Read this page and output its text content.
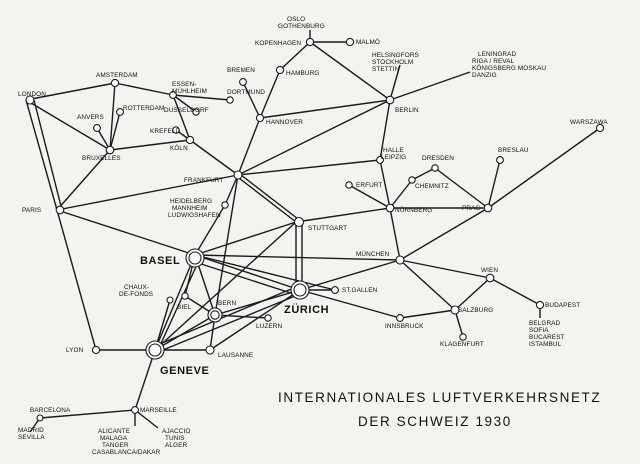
OSLO
GOTHENBURG
MALMÖ
KOPENHAGEN
HELSINGFORS
STOCKHOLM
STETTIN
LENINGRAD
RIGA / REVAL
KÖNIGSBERG MOSKAU
DANZIG
AMSTERDAM
BREMEN	HAMBURG
LONDON
ESSEN-
MÜHLHEIM
ANVERS
ROTTERDAM DUSSELDORF
DORTMUND
HANNOVER
BERLIN
KREFELD
KÖLN
BRUXELLES
HALLE
LEIPZIG
WARSZAWA
BRESLAU
DRESDEN
FRANKFURT
ERFURT	CHEMNITZ
PARIS
HEIDELBERG
MANNHEIM
LUDWIGSHAFEN
NÜRNBERG	PRAG
STUTTGART
BASEL
MÜNCHEN
WIEN
CHAUX-
DE-FONDS
ST.GALLEN
BIEL
BERN
ZÜRICH	BUDAPEST
LUZERN	INNSBRUCK
SALZBURG
BELGRAD
SOFIA
BUCAREST
ISTAMBUL
LYON
LAUSANNE
KLAGENFURT
GENEVE
BARCELONA	MARSEILLE
MADRID
SEVILLA
ALICANTE
MALAGA
TANGER
CASABLANCA/DAKAR
AJACCIO
TUNIS
ALGER
INTERNATIONALES LUFTVERKEHRSNETZ
DER SCHWEIZ 1930
